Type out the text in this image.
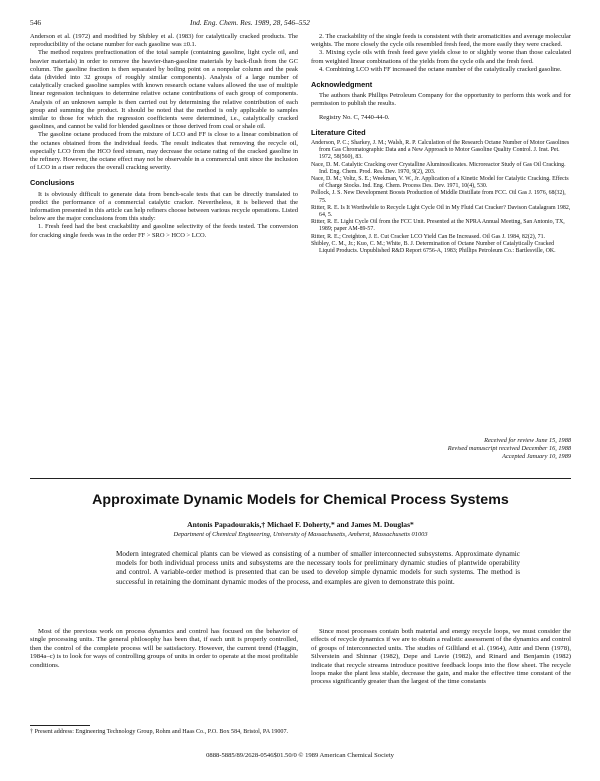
546	Ind. Eng. Chem. Res. 1989, 28, 546–552

Anderson et al. (1972) and modified by Shibley et al. (1983) for catalytically cracked products. The reproducibility of the octane number for each gasoline was ±0.1.

The method requires prefractionation of the total sample (containing gasoline, light cycle oil, and heavier materials) in order to remove the heavier-than-gasoline materials by back-flush from the GC column. The gasoline fraction is then separated by boiling point on a nonpolar column and the peak data (divided into 32 groups of roughly similar components). Analysis of a large number of catalytically cracked gasoline samples with known research octane values allowed the use of multiple linear regression techniques to determine relative octane contributions of each group of components. Analysis of an unknown sample is then carried out by determining the relative contribution of each group and summing the product. It should be noted that the method is only applicable to samples similar to those for which the regression coefficients were determined, i.e., catalytically cracked gasolines, and cannot be valid for blended gasolines or those derived from coal or shale oil.

The gasoline octane produced from the mixture of LCO and FF is close to a linear combination of the octanes obtained from the individual feeds. The result indicates that removing the recycle oil, especially LCO from the HCO feed stream, may decrease the octane rating of the cracked gasoline in the refinery. However, the octane effect may not be observable in a commercial unit since the inclusion of LCO in a riser reduces the overall cracking severity.

Conclusions

It is obviously difficult to generate data from bench-scale tests that can be directly translated to predict the performance of a commercial catalytic cracker. Nevertheless, it is believed that the information presented in this article can help refiners choose between various recycle operations. Listed below are the major conclusions from this study:

1. Fresh feed had the best crackability and gasoline selectivity of the feeds tested. The conversion for cracking single feeds was in the order FF > SRO > HCO > LCO.

2. The crackability of the single feeds is consistent with their aromaticities and average molecular weights. The more closely the cycle oils resembled fresh feed, the more easily they were cracked.

3. Mixing cycle oils with fresh feed gave yields close to or slightly worse than those calculated from weighted linear combinations of the yields from the cycle oils and the fresh feed.

4. Combining LCO with FF increased the octane number of the catalytically cracked gasoline.

Acknowledgment

The authors thank Phillips Petroleum Company for the opportunity to perform this work and for permission to publish the results.

Registry No. C, 7440-44-0.

Literature Cited

Anderson, P. C.; Sharkey, J. M.; Walsh, R. P. Calculation of the Research Octane Number of Motor Gasolines from Gas Chromatographic Data and a New Approach to Motor Gasoline Quality Control. J. Inst. Pet. 1972, 58(560), 83.

Nace, D. M. Catalytic Cracking over Crystalline Aluminosilicates. Microreactor Study of Gas Oil Cracking. Ind. Eng. Chem. Prod. Res. Dev. 1970, 9(2), 203.

Nace, D. M.; Voltz, S. E.; Weekman, V. W., Jr. Application of a Kinetic Model for Catalytic Cracking. Effects of Charge Stocks. Ind. Eng. Chem. Process Des. Dev. 1971, 10(4), 530.

Pollock, J. S. New Development Boosts Production of Middle Distillate from FCC. Oil Gas J. 1976, 68(32), 75.

Ritter, R. E. Is It Worthwhile to Recycle Light Cycle Oil in My Fluid Cat Cracker? Davison Catalagram 1982, 64, 5.

Ritter, R. E. Light Cycle Oil from the FCC Unit. Presented at the NPRA Annual Meeting, San Antonio, TX, 1989; paper AM-89-57.

Ritter, R. E.; Creighton, J. E. Cut Cracker LCO Yield Can Be Increased. Oil Gas J. 1984, 82(2), 71.

Shibley, C. M., Jr.; Kuo, C. M.; White, B. J. Determination of Octane Number of Catalytically Cracked Liquid Products. Unpublished R&D Report 6756-A, 1983; Phillips Petroleum Co.: Bartlesville, OK.

Received for review June 15, 1988
Revised manuscript received December 16, 1988
Accepted January 10, 1989
Approximate Dynamic Models for Chemical Process Systems
Antonis Papadourakis,† Michael F. Doherty,* and James M. Douglas*
Department of Chemical Engineering, University of Massachusetts, Amherst, Massachusetts 01003

Modern integrated chemical plants can be viewed as consisting of a number of smaller interconnected subsystems. Approximate dynamic models for both individual process units and subsystems are the necessary tools for preliminary dynamic studies of plantwide operability and control. A variable-order method is presented that can be used to develop simple dynamic models for such systems. The method is successful in retaining the dominant dynamic modes of the process, and examples are given to demonstrate this point.

Most of the previous work on process dynamics and control has focused on the behavior of single processing units. The general philosophy has been that, if each unit is properly controlled, then the control of the complete process will be satisfactory. However, the current trend (Haggin, 1984a–c) is to look for ways of controlling groups of units in order to operate at the most profitable conditions.

Since most processes contain both material and energy recycle loops, we must consider the effects of recycle dynamics if we are to obtain a realistic assessment of the dynamics and control of groups of interconnected units. The studies of Gilliland et al. (1964), Attir and Denn (1978), Silverstein and Shinnar (1982), Depe and Lavie (1982), and Rinard and Benjamin (1982) indicate that recycle streams introduce positive feedback loops into the flow sheet. The recycle loops make the plant less stable, decrease the gain, and make the effective time constant of the process significantly greater than the largest of the time constants

† Present address: Engineering Technology Group, Rohm and Haas Co., P.O. Box 584, Bristol, PA 19007.
0888-5885/89/2628-0546$01.50/0 © 1989 American Chemical Society
